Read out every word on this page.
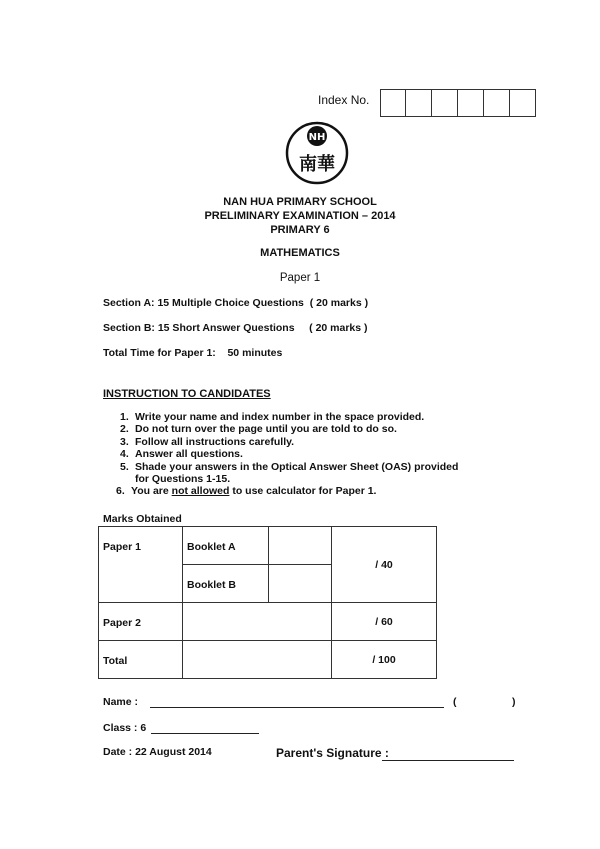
Index No.
NH
南華
NAN HUA PRIMARY SCHOOL
PRELIMINARY EXAMINATION – 2014
PRIMARY 6
MATHEMATICS
Paper 1
Section A: 15 Multiple Choice Questions  ( 20 marks )
Section B: 15 Short Answer Questions     ( 20 marks )
Total Time for Paper 1:    50 minutes
INSTRUCTION TO CANDIDATES
1. Write your name and index number in the space provided.
2. Do not turn over the page until you are told to do so.
3. Follow all instructions carefully.
4. Answer all questions.
5. Shade your answers in the Optical Answer Sheet (OAS) provided
for Questions 1-15.
6. You are not allowed to use calculator for Paper 1.
Marks Obtained
Paper 1	Booklet A		/ 40

	Booklet B		

Paper 2			/ 60

Total			/ 100
Name :	(	)
Class : 6
Date : 22 August 2014	Parent's Signature :
